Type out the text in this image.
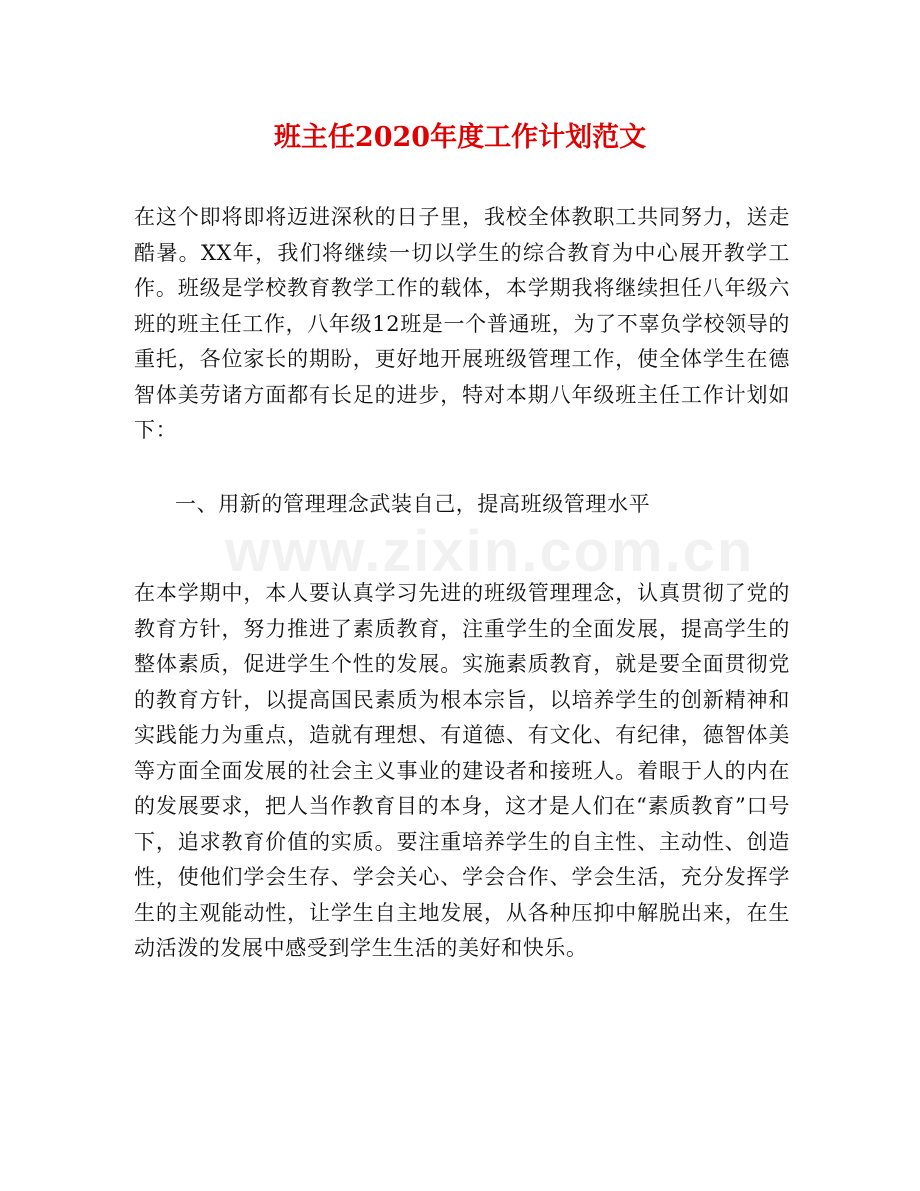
班主任2020年度工作计划范文

在这个即将即将迈进深秋的日子里，我校全体教职工共同努力，送走酷暑。XX年，我们将继续一切以学生的综合教育为中心展开教学工作。班级是学校教育教学工作的载体，本学期我将继续担任八年级六班的班主任工作，八年级12班是一个普通班，为了不辜负学校领导的重托，各位家长的期盼，更好地开展班级管理工作，使全体学生在德智体美劳诸方面都有长足的进步，特对本期八年级班主任工作计划如下：

一、用新的管理理念武装自己，提高班级管理水平

www.zixin.com.cn

在本学期中，本人要认真学习先进的班级管理理念，认真贯彻了党的教育方针，努力推进了素质教育，注重学生的全面发展，提高学生的整体素质，促进学生个性的发展。实施素质教育，就是要全面贯彻党的教育方针，以提高国民素质为根本宗旨，以培养学生的创新精神和实践能力为重点，造就有理想、有道德、有文化、有纪律，德智体美等方面全面发展的社会主义事业的建设者和接班人。着眼于人的内在的发展要求，把人当作教育目的本身，这才是人们在“素质教育”口号下，追求教育价值的实质。要注重培养学生的自主性、主动性、创造性，使他们学会生存、学会关心、学会合作、学会生活，充分发挥学生的主观能动性，让学生自主地发展，从各种压抑中解脱出来，在生动活泼的发展中感受到学生生活的美好和快乐。
